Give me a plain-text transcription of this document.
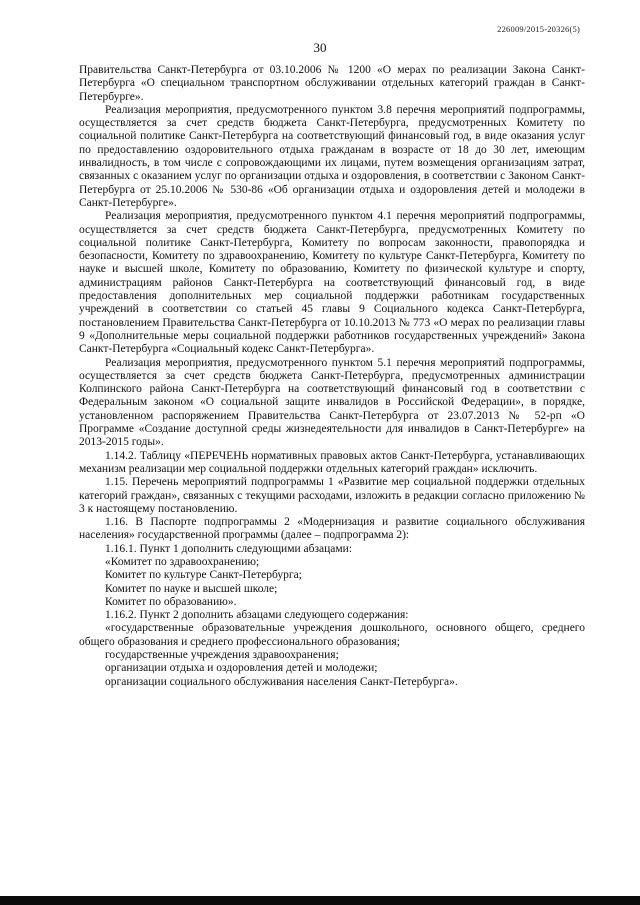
226009/2015-20326(5)
30

Правительства Санкт-Петербурга от 03.10.2006 № 1200 «О мерах по реализации Закона Санкт-Петербурга «О специальном транспортном обслуживании отдельных категорий граждан в Санкт-Петербурге».

Реализация мероприятия, предусмотренного пунктом 3.8 перечня мероприятий подпрограммы, осуществляется за счет средств бюджета Санкт-Петербурга, предусмотренных Комитету по социальной политике Санкт-Петербурга на соответствующий финансовый год, в виде оказания услуг по предоставлению оздоровительного отдыха гражданам в возрасте от 18 до 30 лет, имеющим инвалидность, в том числе с сопровождающими их лицами, путем возмещения организациям затрат, связанных с оказанием услуг по организации отдыха и оздоровления, в соответствии с Законом Санкт-Петербурга от 25.10.2006 № 530-86 «Об организации отдыха и оздоровления детей и молодежи в Санкт-Петербурге».

Реализация мероприятия, предусмотренного пунктом 4.1 перечня мероприятий подпрограммы, осуществляется за счет средств бюджета Санкт-Петербурга, предусмотренных Комитету по социальной политике Санкт-Петербурга, Комитету по вопросам законности, правопорядка и безопасности, Комитету по здравоохранению, Комитету по культуре Санкт-Петербурга, Комитету по науке и высшей школе, Комитету по образованию, Комитету по физической культуре и спорту, администрациям районов Санкт-Петербурга на соответствующий финансовый год, в виде предоставления дополнительных мер социальной поддержки работникам государственных учреждений в соответствии со статьей 45 главы 9 Социального кодекса Санкт-Петербурга, постановлением Правительства Санкт-Петербурга от 10.10.2013 № 773 «О мерах по реализации главы 9 «Дополнительные меры социальной поддержки работников государственных учреждений» Закона Санкт-Петербурга «Социальный кодекс Санкт-Петербурга».

Реализация мероприятия, предусмотренного пунктом 5.1 перечня мероприятий подпрограммы, осуществляется за счет средств бюджета Санкт-Петербурга, предусмотренных администрации Колпинского района Санкт-Петербурга на соответствующий финансовый год в соответствии с Федеральным законом «О социальной защите инвалидов в Российской Федерации», в порядке, установленном распоряжением Правительства Санкт-Петербурга от 23.07.2013 № 52-рп «О Программе «Создание доступной среды жизнедеятельности для инвалидов в Санкт-Петербурге» на 2013-2015 годы».

1.14.2. Таблицу «ПЕРЕЧЕНЬ нормативных правовых актов Санкт-Петербурга, устанавливающих механизм реализации мер социальной поддержки отдельных категорий граждан» исключить.

1.15. Перечень мероприятий подпрограммы 1 «Развитие мер социальной поддержки отдельных категорий граждан», связанных с текущими расходами, изложить в редакции согласно приложению № 3 к настоящему постановлению.

1.16. В Паспорте подпрограммы 2 «Модернизация и развитие социального обслуживания населения» государственной программы (далее – подпрограмма 2):

1.16.1. Пункт 1 дополнить следующими абзацами:

«Комитет по здравоохранению;

Комитет по культуре Санкт-Петербурга;

Комитет по науке и высшей школе;

Комитет по образованию».

1.16.2. Пункт 2 дополнить абзацами следующего содержания:

«государственные образовательные учреждения дошкольного, основного общего, среднего общего образования и среднего профессионального образования;

государственные учреждения здравоохранения;

организации отдыха и оздоровления детей и молодежи;

организации социального обслуживания населения Санкт-Петербурга».
